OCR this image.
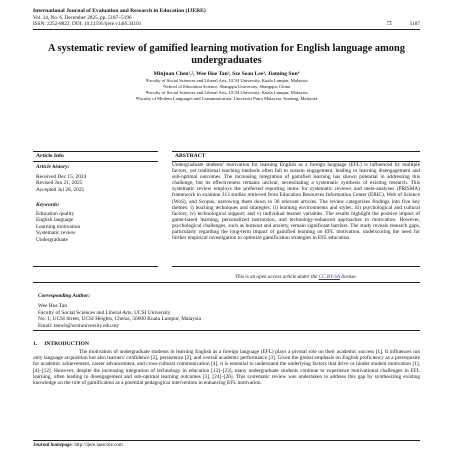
International Journal of Evaluation and Research in Education (IJERE)
Vol. 14, No. 6, December 2025, pp. 5187~5196
ISSN: 2252-8822, DOI: 10.11591/ijere.v14i6.34101	❐	5187
A systematic review of gamified learning motivation for English language among undergraduates
Minjuan Chen¹,², Wee Hoe Tan³, Sze Seau Lee³, Jiaming Sun⁴
¹Faculty of Social Sciences and Liberal Arts, UCSI University, Kuala Lumpur, Malaysia
²School of Education Science, Shangqiu University, Shangqiu, China
³Faculty of Social Sciences and Liberal Arts, UCSI University, Kuala Lumpur, Malaysia
⁴Faculty of Modern Languages and Communication, Universiti Putra Malaysia, Serdang, Malaysia
Article Info	ABSTRACT
Article history:
Received Dec 15, 2024
Revised Jun 21, 2025
Accepted Jul 28, 2025
Keywords:
Education quality
English language
Learning motivation
Systematic review
Undergraduate
Undergraduate students' motivation for learning English as a foreign language (EFL) is influenced by multiple factors, yet traditional teaching methods often fail to sustain engagement, leading to learning disengagement and sub-optimal outcomes. The increasing integration of gamified learning has shown potential in addressing this challenge, but its effectiveness remains unclear, necessitating a systematic synthesis of existing research. This systematic review employs the preferred reporting items for systematic reviews and meta-analyses (PRISMA) framework to examine 313 studies retrieved from Education Resources Information Center (ERIC), Web of Science (WoS), and Scopus, narrowing them down to 36 relevant articles. The review categorizes findings into five key themes: i) teaching techniques and strategies; ii) learning environments and styles; iii) psychological and cultural factors; iv) technological support; and v) individual learner variables. The results highlight the positive impact of game-based learning, personalized instruction, and technology-enhanced approaches to motivation. However, psychological challenges, such as burnout and anxiety, remain significant barriers. The study reveals research gaps, particularly regarding the long-term impact of gamified learning on EFL motivation, underscoring the need for further empirical investigation to optimize gamification strategies in EFL education.
This is an open access article under the CC BY-SA license.
Corresponding Author:
Wee Hoe Tan
Faculty of Social Sciences and Liberal Arts, UCSI University
No. 1, UCSI Street, UCSI Heights, Cheras, 56000 Kuala Lumpur, Malaysia
Email: tanwh@ucsiuniversity.edu.my
1.     INTRODUCTION
The motivation of undergraduate students in learning English as a foreign language (EFL) plays a pivotal role on their academic success [1]. It influences not only language acquisition but also learners' confidence [2], persistence [2], and overall academic performance [3]. Given the global emphasis on English proficiency as a prerequisite for academic achievement, career advancement, and cross-cultural communication [4], it is essential to understand the underlying factors that drive or hinder student motivation [1], [4]–[12]. However, despite the increasing integration of technology in education [13]–[23], many undergraduate students continue to experience motivational challenges in EFL learning, often leading to disengagement and sub-optimal learning outcomes [3], [24]–[26]. This systematic review was undertaken to address this gap by synthesizing existing knowledge on the role of gamification as a potential pedagogical intervention in enhancing EFL motivation.
Journal homepage: http://ijere.iaescore.com
